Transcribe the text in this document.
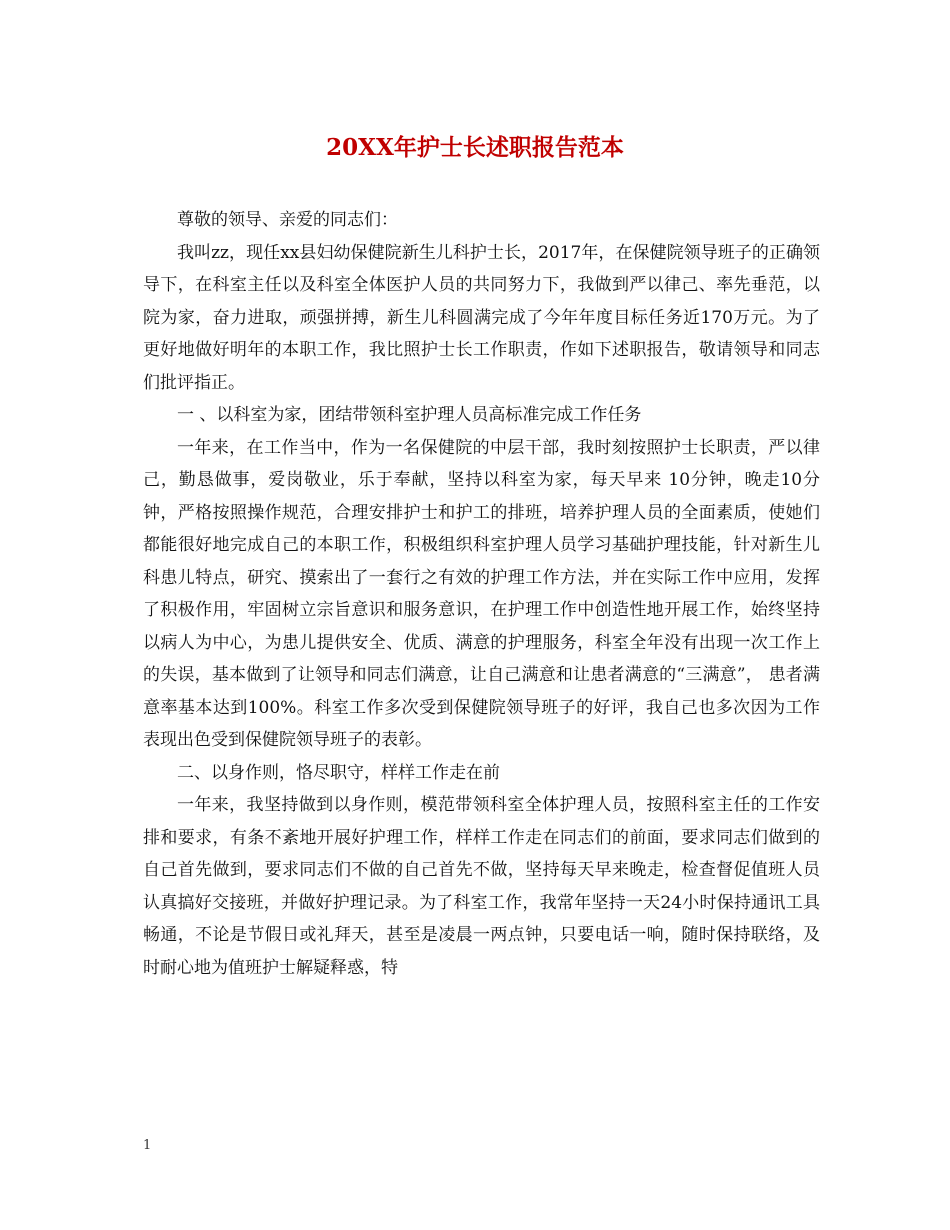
20XX年护士长述职报告范本

尊敬的领导、亲爱的同志们：

我叫zz，现任xx县妇幼保健院新生儿科护士长，2017年，在保健院领导班子的正确领导下，在科室主任以及科室全体医护人员的共同努力下，我做到严以律己、率先垂范，以院为家，奋力进取，顽强拼搏，新生儿科圆满完成了今年年度目标任务近170万元。为了更好地做好明年的本职工作，我比照护士长工作职责，作如下述职报告，敬请领导和同志们批评指正。

一 、以科室为家，团结带领科室护理人员高标准完成工作任务

一年来，在工作当中，作为一名保健院的中层干部，我时刻按照护士长职责，严以律己，勤恳做事，爱岗敬业，乐于奉献，坚持以科室为家，每天早来 10分钟，晚走10分钟，严格按照操作规范，合理安排护士和护工的排班，培养护理人员的全面素质，使她们都能很好地完成自己的本职工作，积极组织科室护理人员学习基础护理技能，针对新生儿科患儿特点，研究、摸索出了一套行之有效的护理工作方法，并在实际工作中应用，发挥了积极作用，牢固树立宗旨意识和服务意识，在护理工作中创造性地开展工作，始终坚持以病人为中心，为患儿提供安全、优质、满意的护理服务，科室全年没有出现一次工作上的失误，基本做到了让领导和同志们满意，让自己满意和让患者满意的“三满意”， 患者满意率基本达到100%。科室工作多次受到保健院领导班子的好评，我自己也多次因为工作表现出色受到保健院领导班子的表彰。

二、以身作则，恪尽职守，样样工作走在前

一年来，我坚持做到以身作则，模范带领科室全体护理人员，按照科室主任的工作安排和要求，有条不紊地开展好护理工作，样样工作走在同志们的前面，要求同志们做到的自己首先做到，要求同志们不做的自己首先不做，坚持每天早来晚走，检查督促值班人员认真搞好交接班，并做好护理记录。为了科室工作，我常年坚持一天24小时保持通讯工具畅通，不论是节假日或礼拜天，甚至是凌晨一两点钟，只要电话一响，随时保持联络，及时耐心地为值班护士解疑释惑，特

1
